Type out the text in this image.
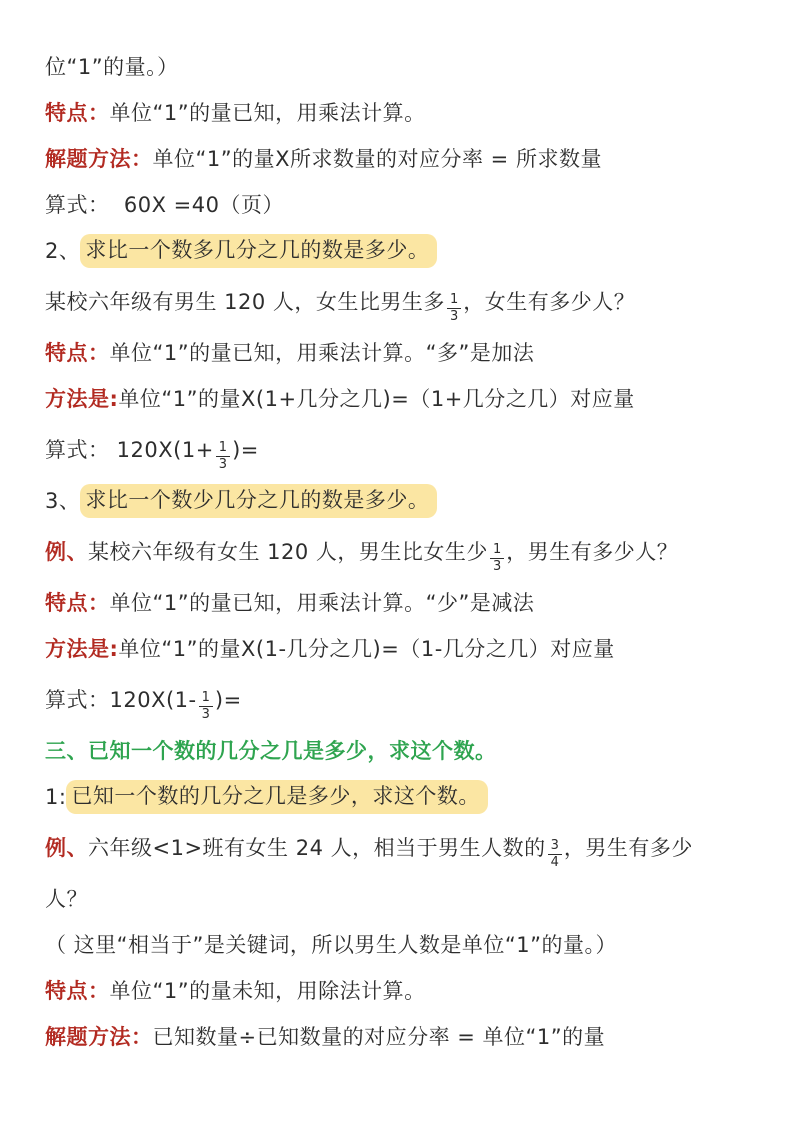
位“1”的量。）

特点： 单位“1”的量已知，用乘法计算。

解题方法： 单位“1”的量X所求数量的对应分率 = 所求数量

算式：  60X =40（页）

2、 求比一个数多几分之几的数是多少。

某校六年级有男生 120 人，女生比男生多 $\frac{1}{3}$ ，女生有多少人？

特点： 单位“1”的量已知，用乘法计算。“多”是加法

方法是: 单位“1”的量X(1+几分之几)=（1+几分之几）对应量

算式： $120X(1+ \frac{1}{3}$ )=

3、 求比一个数少几分之几的数是多少。

例、 某校六年级有女生 120 人，男生比女生少 $\frac{1}{3}$ ，男生有多少人？

特点： 单位“1”的量已知，用乘法计算。“少”是减法

方法是: 单位“1”的量X(1-几分之几)=（1-几分之几）对应量

算式：$120X(1- \frac{1}{3}$ )=

三、已知一个数的几分之几是多少，求这个数。

1: 已知一个数的几分之几是多少，求这个数。

例、 六年级<1>班有女生 24 人，相当于男生人数的 $\frac{3}{4}$ ，男生有多少

人？

（ 这里“相当于”是关键词，所以男生人数是单位“1”的量。）

特点： 单位“1”的量未知，用除法计算。

解题方法： 已知数量÷已知数量的对应分率 = 单位“1”的量
